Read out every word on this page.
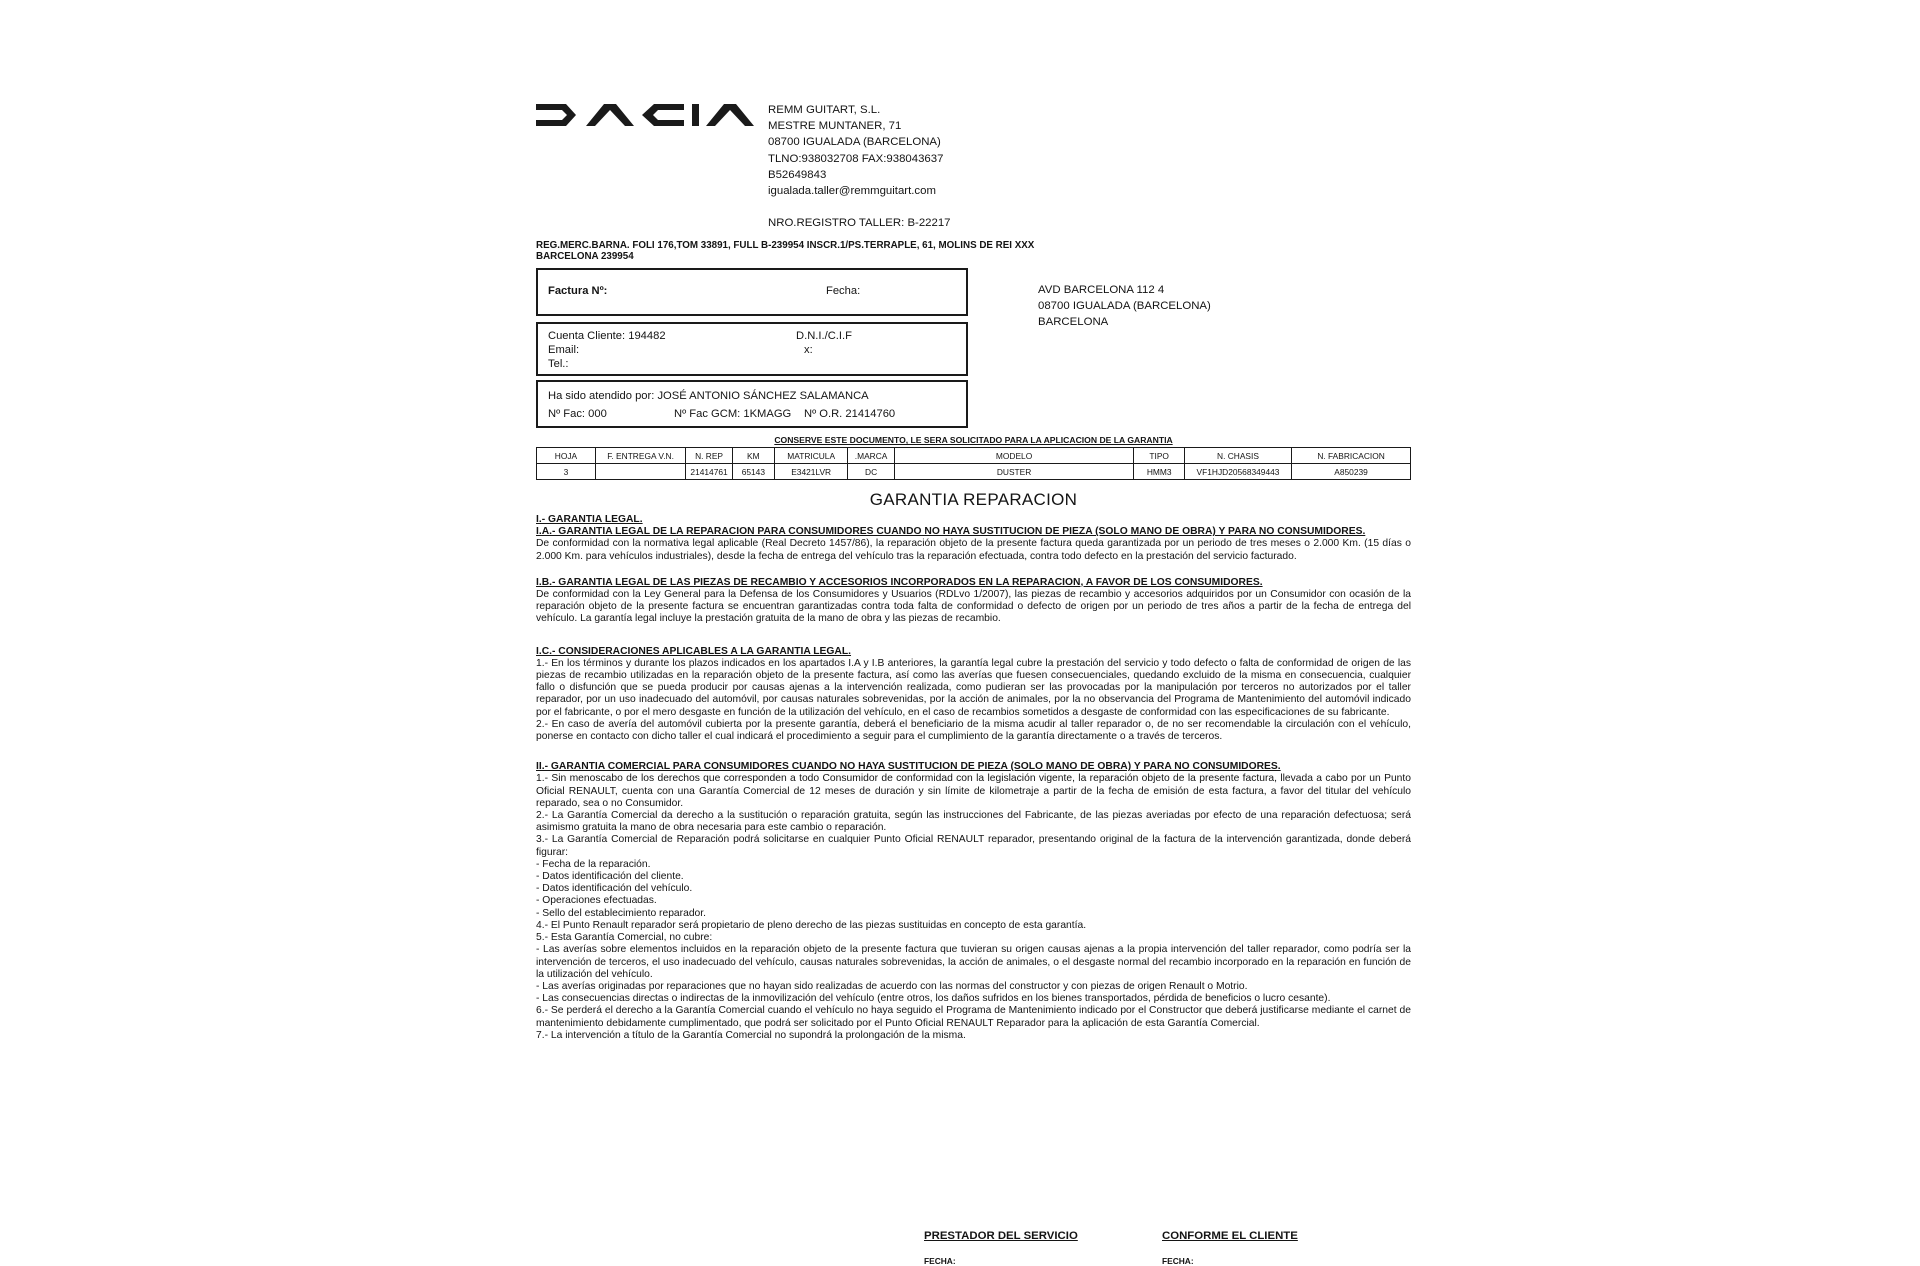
REMM GUITART, S.L.
MESTRE MUNTANER, 71
08700 IGUALADA (BARCELONA)
TLNO:938032708 FAX:938043637
B52649843
igualada.taller@remmguitart.com
NRO.REGISTRO TALLER: B-22217
REG.MERC.BARNA. FOLI 176,TOM 33891, FULL B-239954 INSCR.1/PS.TERRAPLE, 61, MOLINS DE REI XXX BARCELONA 239954
Factura Nº:	Fecha:
Cuenta Cliente: 194482	D.N.I./C.I.F
Email:	x:
Tel.:
Ha sido atendido por: JOSÉ ANTONIO SÁNCHEZ SALAMANCA
Nº Fac: 000	Nº Fac GCM: 1KMAGG Nº O.R. 21414760
AVD BARCELONA 112 4
08700 IGUALADA (BARCELONA)
BARCELONA
CONSERVE ESTE DOCUMENTO, LE SERA SOLICITADO PARA LA APLICACION DE LA GARANTIA
HOJA	F. ENTREGA V.N.	N. REP	KM	MATRICULA	.MARCA	MODELO	TIPO	N. CHASIS	N. FABRICACION
3		21414761	65143	E3421LVR	DC	DUSTER	HMM3	VF1HJD20568349443	A850239
GARANTIA REPARACION
I.- GARANTIA LEGAL.
I.A.- GARANTIA LEGAL DE LA REPARACION PARA CONSUMIDORES CUANDO NO HAYA SUSTITUCION DE PIEZA (SOLO MANO DE OBRA) Y PARA NO CONSUMIDORES.
De conformidad con la normativa legal aplicable (Real Decreto 1457/86), la reparación objeto de la presente factura queda garantizada por un periodo de tres meses o 2.000 Km. (15 días o 2.000 Km. para vehículos industriales), desde la fecha de entrega del vehículo tras la reparación efectuada, contra todo defecto en la prestación del servicio facturado.
I.B.- GARANTIA LEGAL DE LAS PIEZAS DE RECAMBIO Y ACCESORIOS INCORPORADOS EN LA REPARACION, A FAVOR DE LOS CONSUMIDORES.
De conformidad con la Ley General para la Defensa de los Consumidores y Usuarios (RDLvo 1/2007), las piezas de recambio y accesorios adquiridos por un Consumidor con ocasión de la reparación objeto de la presente factura se encuentran garantizadas contra toda falta de conformidad o defecto de origen por un periodo de tres años a partir de la fecha de entrega del vehículo. La garantía legal incluye la prestación gratuita de la mano de obra y las piezas de recambio.
I.C.- CONSIDERACIONES APLICABLES A LA GARANTIA LEGAL.
1.- En los términos y durante los plazos indicados en los apartados I.A y I.B anteriores, la garantía legal cubre la prestación del servicio y todo defecto o falta de conformidad de origen de las piezas de recambio utilizadas en la reparación objeto de la presente factura, así como las averías que fuesen consecuenciales, quedando excluido de la misma en consecuencia, cualquier fallo o disfunción que se pueda producir por causas ajenas a la intervención realizada, como pudieran ser las provocadas por la manipulación por terceros no autorizados por el taller reparador, por un uso inadecuado del automóvil, por causas naturales sobrevenidas, por la acción de animales, por la no observancia del Programa de Mantenimiento del automóvil indicado por el fabricante, o por el mero desgaste en función de la utilización del vehículo, en el caso de recambios sometidos a desgaste de conformidad con las especificaciones de su fabricante.
2.- En caso de avería del automóvil cubierta por la presente garantía, deberá el beneficiario de la misma acudir al taller reparador o, de no ser recomendable la circulación con el vehículo, ponerse en contacto con dicho taller el cual indicará el procedimiento a seguir para el cumplimiento de la garantía directamente o a través de terceros.
II.- GARANTIA COMERCIAL PARA CONSUMIDORES CUANDO NO HAYA SUSTITUCION DE PIEZA (SOLO MANO DE OBRA) Y PARA NO CONSUMIDORES.
1.- Sin menoscabo de los derechos que corresponden a todo Consumidor de conformidad con la legislación vigente, la reparación objeto de la presente factura, llevada a cabo por un Punto Oficial RENAULT, cuenta con una Garantía Comercial de 12 meses de duración y sin límite de kilometraje a partir de la fecha de emisión de esta factura, a favor del titular del vehículo reparado, sea o no Consumidor.
2.- La Garantía Comercial da derecho a la sustitución o reparación gratuita, según las instrucciones del Fabricante, de las piezas averiadas por efecto de una reparación defectuosa; será asimismo gratuita la mano de obra necesaria para este cambio o reparación.
3.- La Garantía Comercial de Reparación podrá solicitarse en cualquier Punto Oficial RENAULT reparador, presentando original de la factura de la intervención garantizada, donde deberá figurar:
- Fecha de la reparación.
- Datos identificación del cliente.
- Datos identificación del vehículo.
- Operaciones efectuadas.
- Sello del establecimiento reparador.
4.- El Punto Renault reparador será propietario de pleno derecho de las piezas sustituidas en concepto de esta garantía.
5.- Esta Garantía Comercial, no cubre:
- Las averías sobre elementos incluidos en la reparación objeto de la presente factura que tuvieran su origen causas ajenas a la propia intervención del taller reparador, como podría ser la intervención de terceros, el uso inadecuado del vehículo, causas naturales sobrevenidas, la acción de animales, o el desgaste normal del recambio incorporado en la reparación en función de la utilización del vehículo.
- Las averías originadas por reparaciones que no hayan sido realizadas de acuerdo con las normas del constructor y con piezas de origen Renault o Motrio.
- Las consecuencias directas o indirectas de la inmovilización del vehículo (entre otros, los daños sufridos en los bienes transportados, pérdida de beneficios o lucro cesante).
6.- Se perderá el derecho a la Garantía Comercial cuando el vehículo no haya seguido el Programa de Mantenimiento indicado por el Constructor que deberá justificarse mediante el carnet de mantenimiento debidamente cumplimentado, que podrá ser solicitado por el Punto Oficial RENAULT Reparador para la aplicación de esta Garantía Comercial.
7.- La intervención a título de la Garantía Comercial no supondrá la prolongación de la misma.
PRESTADOR DEL SERVICIO	CONFORME EL CLIENTE
FECHA:	FECHA:
